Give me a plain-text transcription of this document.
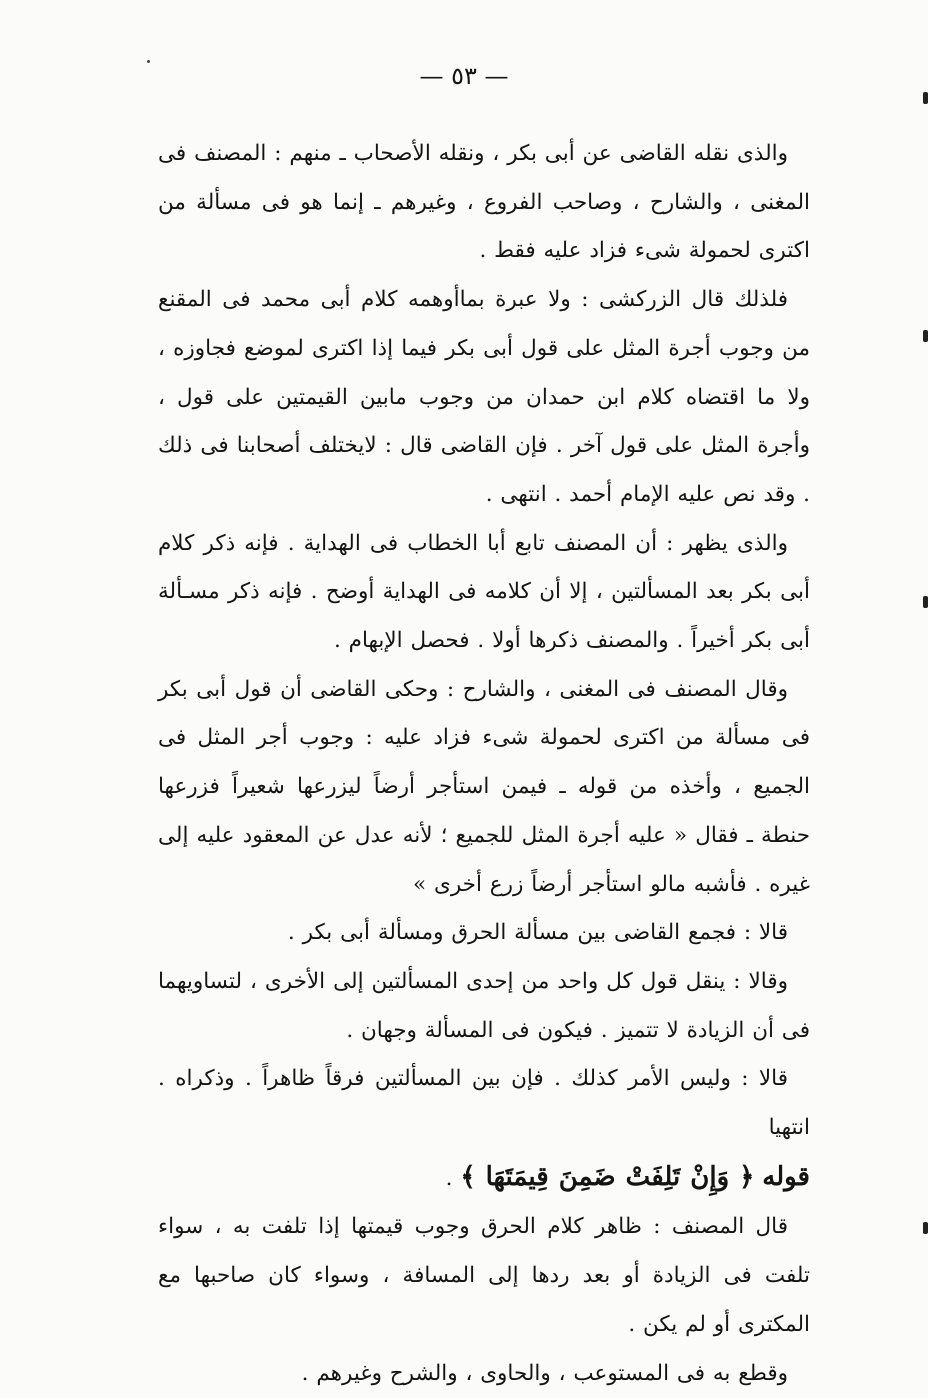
— ٥٣ —

والذى نقله القاضى عن أبى بكر ، ونقله الأصحاب ـ منهم : المصنف فى المغنى ، والشارح ، وصاحب الفروع ، وغيرهم ـ إنما هو فى مسألة من اكترى لحمولة شىء فزاد عليه فقط .

فلذلك قال الزركشى : ولا عبرة بماأوهمه كلام أبى محمد فى المقنع من وجوب أجرة المثل على قول أبى بكر فيما إذا اكترى لموضع فجاوزه ، ولا ما اقتضاه كلام ابن حمدان من وجوب مابين القيمتين على قول ، وأجرة المثل على قول آخر . فإن القاضى قال : لايختلف أصحابنا فى ذلك . وقد نص عليه الإمام أحمد . انتهى .

والذى يظهر : أن المصنف تابع أبا الخطاب فى الهداية . فإنه ذكر كلام أبى بكر بعد المسألتين ، إلا أن كلامه فى الهداية أوضح . فإنه ذكر مسـألة أبى بكر أخيراً . والمصنف ذكرها أولا . فحصل الإبهام .

وقال المصنف فى المغنى ، والشارح : وحكى القاضى أن قول أبى بكر فى مسألة من اكترى لحمولة شىء فزاد عليه : وجوب أجر المثل فى الجميع ، وأخذه من قوله ـ فيمن استأجر أرضاً ليزرعها شعيراً فزرعها حنطة ـ فقال « عليه أجرة المثل للجميع ؛ لأنه عدل عن المعقود عليه إلى غيره . فأشبه مالو استأجر أرضاً زرع أخرى »

قالا : فجمع القاضى بين مسألة الحرق ومسألة أبى بكر .

وقالا : ينقل قول كل واحد من إحدى المسألتين إلى الأخرى ، لتساويهما فى أن الزيادة لا تتميز . فيكون فى المسألة وجهان .

قالا : وليس الأمر كذلك . فإن بين المسألتين فرقاً ظاهراً . وذكراه . انتهيا

قوله ﴿ وَإِنْ تَلِفَتْ ضَمِنَ قِيمَتَهَا ﴾ .

قال المصنف : ظاهر كلام الحرق وجوب قيمتها إذا تلفت به ، سواء تلفت فى الزيادة أو بعد ردها إلى المسافة ، وسواء كان صاحبها مع المكترى أو لم يكن .

وقطع به فى المستوعب ، والحاوى ، والشرح وغيرهم .
